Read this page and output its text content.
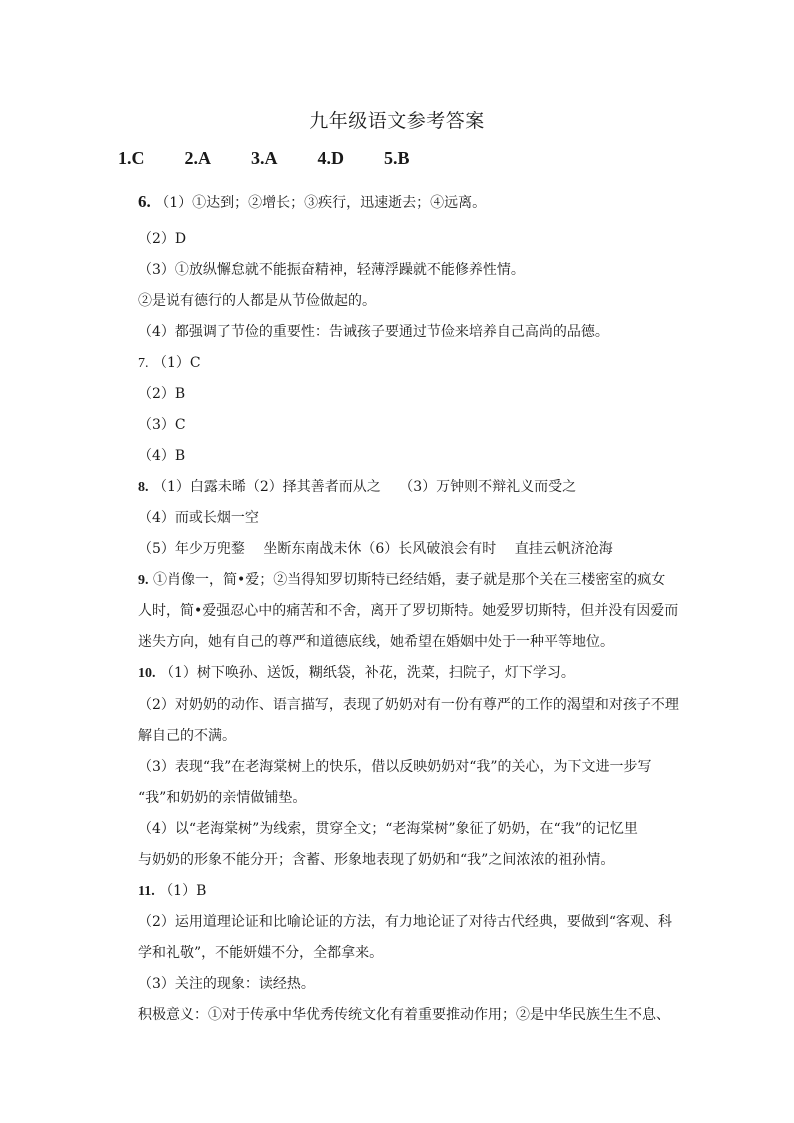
九年级语文参考答案
1.C 2.A 3.A 4.D 5.B
6. （1）①达到；②增长；③疾行，迅速逝去；④远离。
（2）D
（3）①放纵懈怠就不能振奋精神，轻薄浮躁就不能修养性情。
②是说有德行的人都是从节俭做起的。
（4）都强调了节俭的重要性：告诫孩子要通过节俭来培养自己高尚的品德。
7. （1）C
（2）B
（3）C
（4）B
8. （1）白露未晞（2）择其善者而从之　 （3）万钟则不辩礼义而受之
（4）而或长烟一空
（5）年少万兜鍪　 坐断东南战未休（6）长风破浪会有时　 直挂云帆济沧海
9. ①肖像一，简•爱；②当得知罗切斯特已经结婚，妻子就是那个关在三楼密室的疯女
人时，简•爱强忍心中的痛苦和不舍，离开了罗切斯特。她爱罗切斯特，但并没有因爱而
迷失方向，她有自己的尊严和道德底线，她希望在婚姻中处于一种平等地位。
10. （1）树下唤孙、送饭，糊纸袋，补花，洗菜，扫院子，灯下学习。
（2）对奶奶的动作、语言描写，表现了奶奶对有一份有尊严的工作的渴望和对孩子不理
解自己的不满。
（3）表现“我”在老海棠树上的快乐，借以反映奶奶对“我”的关心，为下文进一步写
“我”和奶奶的亲情做铺垫。
（4）以“老海棠树”为线索，贯穿全文；“老海棠树”象征了奶奶，在“我”的记忆里
与奶奶的形象不能分开；含蓄、形象地表现了奶奶和“我”之间浓浓的祖孙情。
11. （1）B
（2）运用道理论证和比喻论证的方法，有力地论证了对待古代经典，要做到“客观、科
学和礼敬”，不能妍媸不分，全都拿来。
（3）关注的现象：读经热。
积极意义：①对于传承中华优秀传统文化有着重要推动作用；②是中华民族生生不息、
